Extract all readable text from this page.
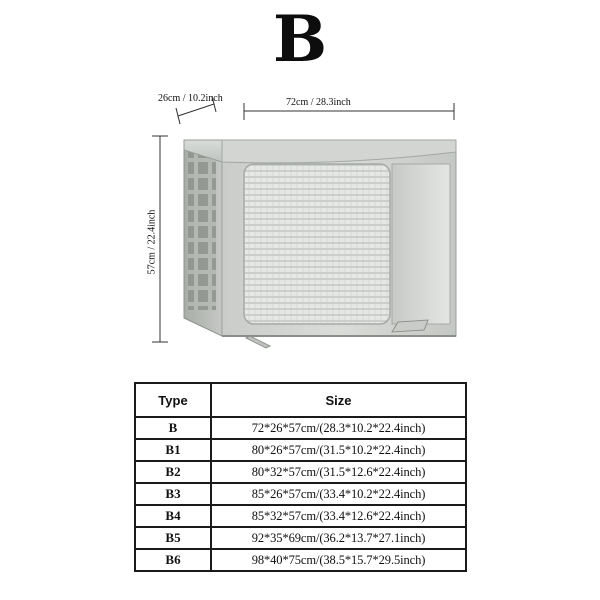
B
26cm / 10.2inch	72cm / 28.3inch
57cm / 22.4inch
Type	Size
B	72*26*57cm/(28.3*10.2*22.4inch)
B1	80*26*57cm/(31.5*10.2*22.4inch)
B2	80*32*57cm/(31.5*12.6*22.4inch)
B3	85*26*57cm/(33.4*10.2*22.4inch)
B4	85*32*57cm/(33.4*12.6*22.4inch)
B5	92*35*69cm/(36.2*13.7*27.1inch)
B6	98*40*75cm/(38.5*15.7*29.5inch)
